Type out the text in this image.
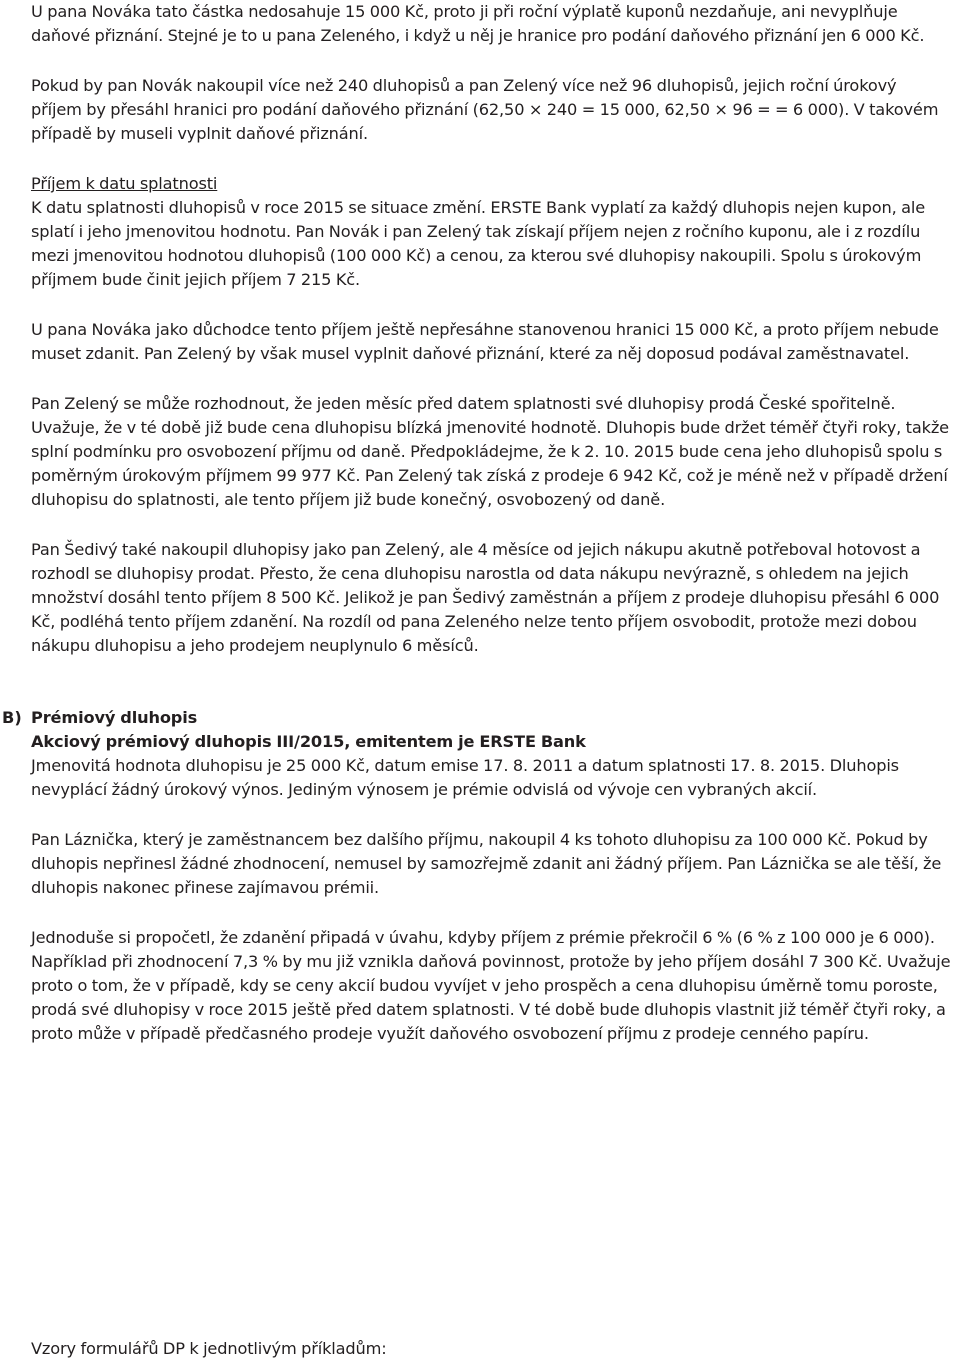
U pana Nováka tato částka nedosahuje 15 000 Kč, proto ji při roční výplatě kuponů nezdaňuje, ani nevyplňuje daňové přiznání. Stejné je to u pana Zeleného, i když u něj je hranice pro podání daňového přiznání jen 6 000 Kč.

Pokud by pan Novák nakoupil více než 240 dluhopisů a pan Zelený více než 96 dluhopisů, jejich roční úrokový příjem by přesáhl hranici pro podání daňového přiznání (62,50 × 240 = 15 000, 62,50 × 96 = = 6 000). V takovém případě by museli vyplnit daňové přiznání.

Příjem k datu splatnosti

K datu splatnosti dluhopisů v roce 2015 se situace změní. ERSTE Bank vyplatí za každý dluhopis nejen kupon, ale splatí i jeho jmenovitou hodnotu. Pan Novák i pan Zelený tak získají příjem nejen z ročního kuponu, ale i z rozdílu mezi jmenovitou hodnotou dluhopisů (100 000 Kč) a cenou, za kterou své dluhopisy nakoupili. Spolu s úrokovým příjmem bude činit jejich příjem 7 215 Kč.

U pana Nováka jako důchodce tento příjem ještě nepřesáhne stanovenou hranici 15 000 Kč, a proto příjem nebude muset zdanit. Pan Zelený by však musel vyplnit daňové přiznání, které za něj doposud podával zaměstnavatel.

Pan Zelený se může rozhodnout, že jeden měsíc před datem splatnosti své dluhopisy prodá České spořitelně. Uvažuje, že v té době již bude cena dluhopisu blízká jmenovité hodnotě. Dluhopis bude držet téměř čtyři roky, takže splní podmínku pro osvobození příjmu od daně. Předpokládejme, že k 2. 10. 2015 bude cena jeho dluhopisů spolu s poměrným úrokovým příjmem 99 977 Kč. Pan Zelený tak získá z prodeje 6 942 Kč, což je méně než v případě držení dluhopisu do splatnosti, ale tento příjem již bude konečný, osvobozený od daně.

Pan Šedivý také nakoupil dluhopisy jako pan Zelený, ale 4 měsíce od jejich nákupu akutně potřeboval hotovost a rozhodl se dluhopisy prodat. Přesto, že cena dluhopisu narostla od data nákupu nevýrazně, s ohledem na jejich množství dosáhl tento příjem 8 500 Kč. Jelikož je pan Šedivý zaměstnán a příjem z prodeje dluhopisu přesáhl 6 000 Kč, podléhá tento příjem zdanění. Na rozdíl od pana Zeleného nelze tento příjem osvobodit, protože mezi dobou nákupu dluhopisu a jeho prodejem neuplynulo 6 měsíců.

B) Prémiový dluhopis

Akciový prémiový dluhopis III/2015, emitentem je ERSTE Bank

Jmenovitá hodnota dluhopisu je 25 000 Kč, datum emise 17. 8. 2011 a datum splatnosti 17. 8. 2015. Dluhopis nevyplácí žádný úrokový výnos. Jediným výnosem je prémie odvislá od vývoje cen vybraných akcií.

Pan Láznička, který je zaměstnancem bez dalšího příjmu, nakoupil 4 ks tohoto dluhopisu za 100 000 Kč. Pokud by dluhopis nepřinesl žádné zhodnocení, nemusel by samozřejmě zdanit ani žádný příjem. Pan Láznička se ale těší, že dluhopis nakonec přinese zajímavou prémii.

Jednoduše si propočetl, že zdanění připadá v úvahu, kdyby příjem z prémie překročil 6 % (6 % z 100 000 je 6 000). Například při zhodnocení 7,3 % by mu již vznikla daňová povinnost, protože by jeho příjem dosáhl 7 300 Kč. Uvažuje proto o tom, že v případě, kdy se ceny akcií budou vyvíjet v jeho prospěch a cena dluhopisu úměrně tomu poroste, prodá své dluhopisy v roce 2015 ještě před datem splatnosti. V té době bude dluhopis vlastnit již téměř čtyři roky, a proto může v případě předčasného prodeje využít daňového osvobození příjmu z prodeje cenného papíru.

Vzory formulářů DP k jednotlivým příkladům:
